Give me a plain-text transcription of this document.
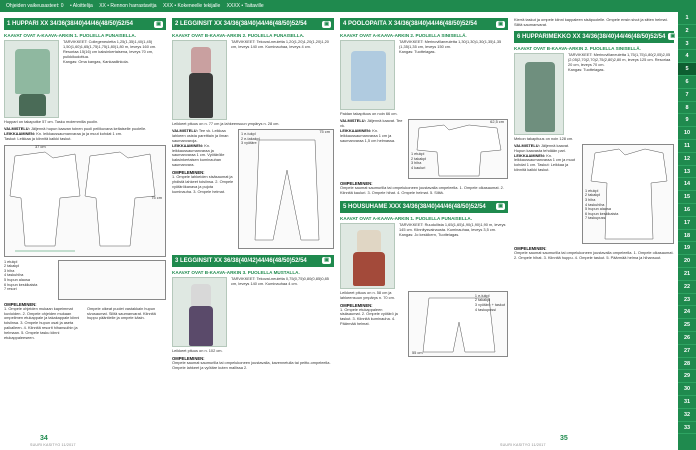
Ohjeiden vaikeusasteet: 0 • Aloittelija XX • Rennon harrastavitja XXX • Kokeneelle tekijalle XXXX • Taitaville
1
2
3
4
5
6
7
8
9
10
11
12
13
14
15
16
17
18
19
20
21
22
23
24
25
26
27
28
29
30
31
32
33
1 HUPPARI XX 34/36(38/40)44/46(48/50)52/54	▣
KAAVAT OVAT A-KAAVA-ARKIN 1. PUOLELLA PUNAISELLA.
TARVIKKEET: Collegeneuletta 1,25(1,35)1,40(1,45) 1,50(1,60)1,65(1,75)1,75(1,80)1,80 m, leveys 160 cm. Resoriaa 15(16) cm kaksinkertaisena, leveys 70 cm, puikkikudottua.
Kangas: Oma kangas, Kankaaliinkola.
Huppari on takaputke 57 cm. Tasku molemmilla puolin.
VALMISTELU: Jäljennä hupun kaavan toinen puoli peilikuvana keltaiselle puolelle.
LEIKKAAMINEN: Kn. leikkaussaumanvaraa ja ja muut kohdat 1 cm.
Taskut: Leikkaa ja kiinnitä kaikki taskut.
37 cm
75 cm
1 etukpl
2 takakpl
3 hiha
4 taskuhiha
5 hupun alaosa
6 hupun keskikaista
7 resori
OMPELEMINEN:
1. Ompele ohjeiden mukaan kapeimmat kuvioiden. 2. Ompele ohjeiden mukaan ompelimen etukappale ja takakappale kiinni toisiinsa. 3. Ompele hupun osat ja aseta paikalleen. 4. Kiinnitä resorit hihansuihin ja helmaan. 5. Ompele tasku kiinni etukappaleeseen.
Ompele oikeat puolet vastakkain hupun sivusaumat. Silitä saumanvarat. Kiinnitä huppu pääntielle ja ompele käsin.
34
SUURI KASITYO 11/2017
2 LEGGINSIT XX 34/36(38/40)44/46(48/50)52/54	▣
KAAVAT OVAT B-KAAVA-ARKIN 2. PUOLELLA PUNAISELLA.
TARVIKKEET: Tekovai-neuletta 1,20(1,20)1,20(1,20)1,20 cm, leveys 140 cm. Kuminauhaa, leveys 4 cm.
Leikkeet pituus on n. 77 cm ja lahkeensuun ympärys n. 28 cm.
VALMISTELU: Tee vk. Leikkaa lahkeen osista pareittain ja ilman saumanvaroja.
LEIKKAAMINEN: Kn. leikkaussaumanvaraa ja saumanvaraa 1 cm. Vyötärölle kaksinkertaisen kuminauhan saumanvara.
OMPELEMINEN:
1. Ompele lahkeiden sisäsaumat ja yhdistä lahkeet toisiinsa. 2. Ompele vyötärökanava ja pujota kuminauha. 3. Ompele helmat.
1 e-tukpl
2 e-takakpl
3 vyötäre
75 cm
3 LEGGINSIT XX 36/38(40/42)44/46(48/50)52/54	▣
KAAVAT OVAT B-KAAVA-ARKIN 3. PUOLELLA MUSTALLA.
TARVIKKEET: Tekovai-neuletta 0,75(0,75)0,80(0,85)0,85 cm, leveys 140 cm. Kuminauhaa 4 cm.
Leikkeet pituus on n. 102 cm.
OMPELEMINEN:
Ompele saumat saumurilla tai ompelukoneen joustavalla, kavennetulla tai peitto-ompeleella. Ompele lahkeet ja vyötäre kuten mallissa 2.
4 POOLOPAITA X 34/36(38/40)44/46(48/50)52/54	▣
KAAVAT OVAT A-KAAVA-ARKIN 2. PUOLELLA SINISELLÄ.
TARVIKKEET: Merinovillaneuletta 1,30(1,30)1,30(1,35)1,35 (1,35)1,35 cm, leveys 150 cm.
Kangas: Tuotteiagas.
Paidan takapituus on noin 66 cm.
VALMISTELU: Jäljennä kaavat. Tee vk.
LEIKKAAMINEN: Kn. leikkaussaumanvaraa 1 cm ja saumanvaraa 1,5 cm helmassa.
1 etukpl
2 takakpl
3 hiha
4 kauluri
62,5 cm
OMPELEMINEN:
Ompele saumat saumurilla tai ompelukoneen joustavalla ompeleella. 1. Ompele olkasaumat. 2. Kiinnitä kauluri. 3. Ompele hihat. 4. Ompele helmat. 5. Silitä.
5 HOUSUHAME XXX 34/36(38/40)44/46(48/50)52/54	▣
KAAVAT OVAT A-KAAVA-ARKIN 1. PUOLELLA PUNAISELLA.
TARVIKKEET: Ruudullista 1,65(1,65)1,90(1,90)1,90 m, leveys 145 cm. Kiinnitysvainausta. Kuminauhaa, leveys 3,5 cm.
Kangas: Jo keskikern, Tuotteiagas.
Leikkeet pituus on n. 58 cm ja lahkeensuun ympärys n. 70 cm.
OMPELEMINEN:
1. Ompele etukappaleen sisäsaumat. 2. Ompele vyötärö ja taskut. 3. Kiinnitä kuminauha. 4. Päärmää helmat.
1 e-tukpl
2 takakpl
3 vyötärö + taskut
4 taskupussi
55 cm
35
SUURI KASITYO 11/2017
Kierrä taskut ja ompele kiinni kappaleen sisäpuolelle. Ompele ensin sivut ja sitten helmat. Silitä saumanvarat.
6 HUPPARIMEKKO XX 34/36(38/40)44/46(48/50)52/54	▣
KAAVAT OVAT B-KAAVA-ARKIN 2. PUOLELLA SINISELLÄ.
TARVIKKEET: Merinovillaneuletta 1,75(1,75)1,80(2,05)2,05 (2,05)2,70(2,70)2,75(2,80)2,80 m, leveys 125 cm. Resoriaa 20 cm, leveys 70 cm.
Kangas: Tuotteiagas.
Mekon takapituus on noin 128 cm.
VALMISTELU: Jäljennä kaavat. Hupun kaavasta tehdään pari.
LEIKKAAMINEN: Kn. leikkaussaumanvaraa 1 cm ja muut kohdat 1 cm. Taskut: Leikkaa ja kiinnitä kaikki taskut.
1 etukpl
2 takakpl
3 hiha
4 taskuhiha
5 hupun alaosa
6 hupun keskikaista
7 taskupussi
OMPELEMINEN:
Ompele saumat saumurilla tai ompelukoneen joustavalla ompeleella. 1. Ompele olkasaumat. 2. Ompele hihat. 3. Kiinnitä huppu. 4. Ompele taskut. 5. Päärmää helma ja hihansuut.
